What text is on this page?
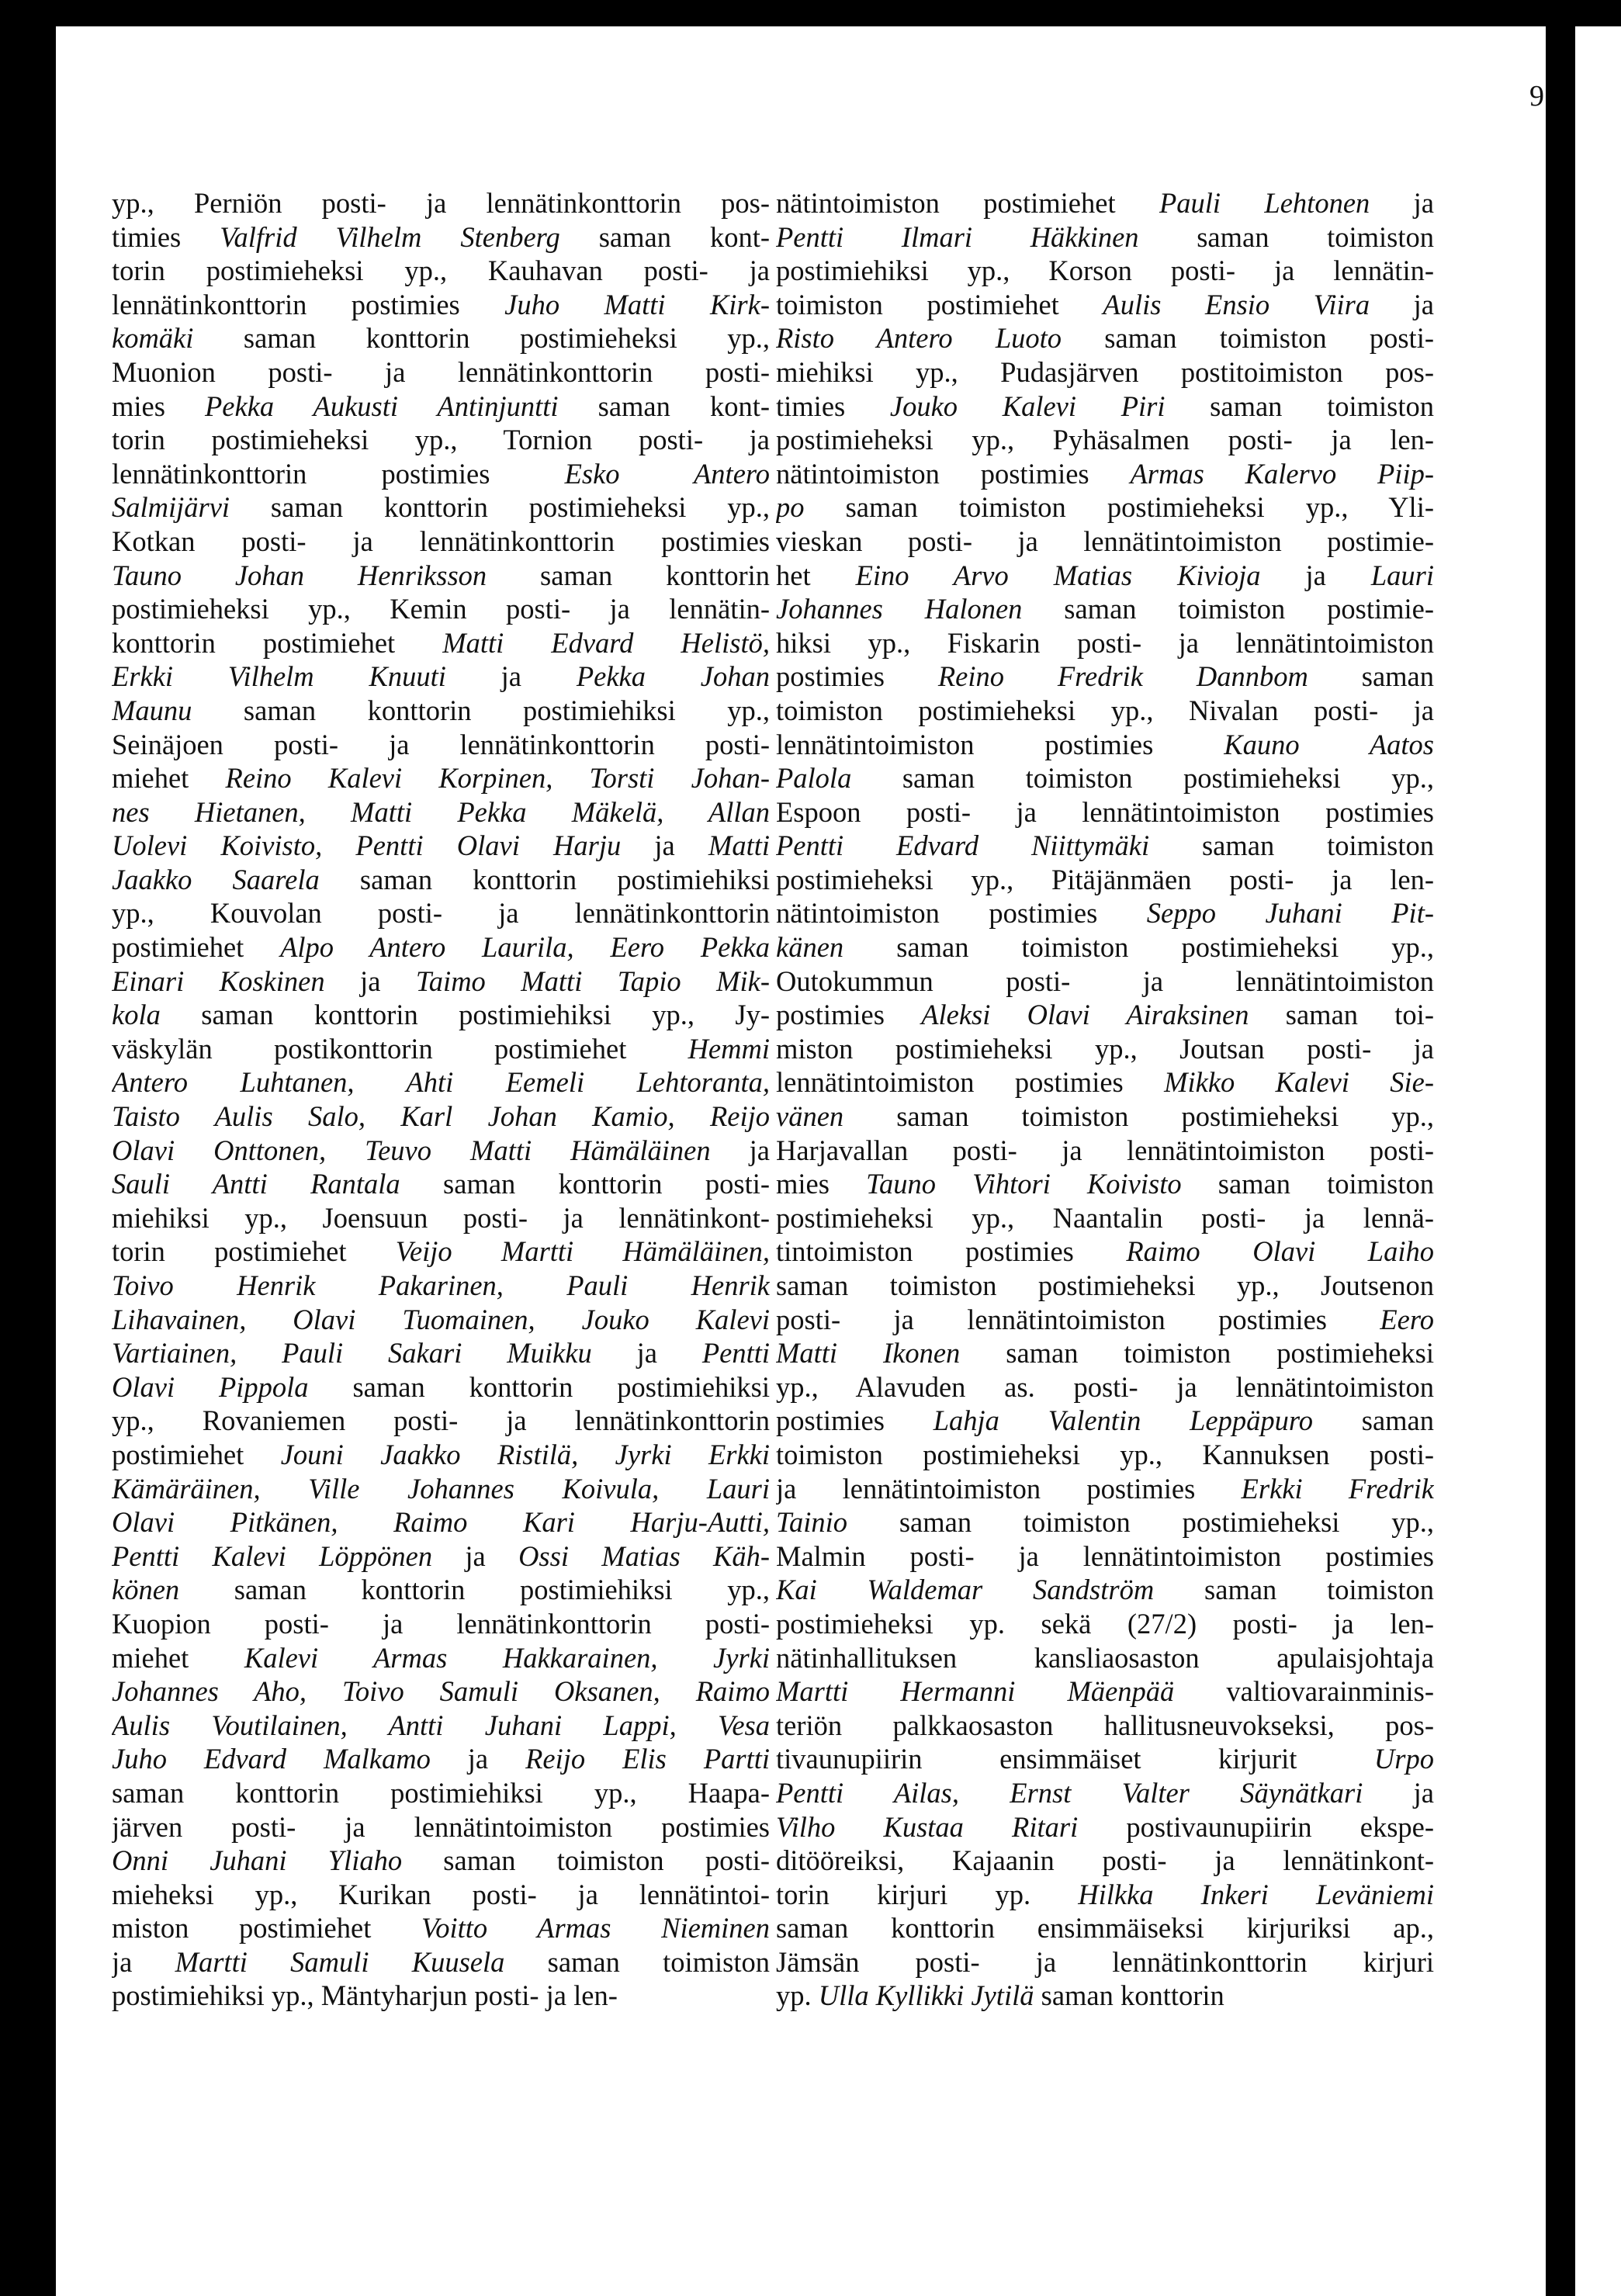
9
yp., Perniön posti- ja lennätinkonttorin pos-
timies Valfrid Vilhelm Stenberg saman kont-
torin postimieheksi yp., Kauhavan posti- ja
lennätinkonttorin postimies Juho Matti Kirk-
komäki saman konttorin postimieheksi yp.,
Muonion posti- ja lennätinkonttorin posti-
mies Pekka Aukusti Antinjuntti saman kont-
torin postimieheksi yp., Tornion posti- ja
lennätinkonttorin postimies Esko Antero
Salmijärvi saman konttorin postimieheksi yp.,
Kotkan posti- ja lennätinkonttorin postimies
Tauno Johan Henriksson saman konttorin
postimieheksi yp., Kemin posti- ja lennätin-
konttorin postimiehet Matti Edvard Helistö,
Erkki Vilhelm Knuuti ja Pekka Johan
Maunu saman konttorin postimiehiksi yp.,
Seinäjoen posti- ja lennätinkonttorin posti-
miehet Reino Kalevi Korpinen, Torsti Johan-
nes Hietanen, Matti Pekka Mäkelä, Allan
Uolevi Koivisto, Pentti Olavi Harju ja Matti
Jaakko Saarela saman konttorin postimiehiksi
yp., Kouvolan posti- ja lennätinkonttorin
postimiehet Alpo Antero Laurila, Eero Pekka
Einari Koskinen ja Taimo Matti Tapio Mik-
kola saman konttorin postimiehiksi yp., Jy-
väskylän postikonttorin postimiehet Hemmi
Antero Luhtanen, Ahti Eemeli Lehtoranta,
Taisto Aulis Salo, Karl Johan Kamio, Reijo
Olavi Onttonen, Teuvo Matti Hämäläinen ja
Sauli Antti Rantala saman konttorin posti-
miehiksi yp., Joensuun posti- ja lennätinkont-
torin postimiehet Veijo Martti Hämäläinen,
Toivo Henrik Pakarinen, Pauli Henrik
Lihavainen, Olavi Tuomainen, Jouko Kalevi
Vartiainen, Pauli Sakari Muikku ja Pentti
Olavi Pippola saman konttorin postimiehiksi
yp., Rovaniemen posti- ja lennätinkonttorin
postimiehet Jouni Jaakko Ristilä, Jyrki Erkki
Kämäräinen, Ville Johannes Koivula, Lauri
Olavi Pitkänen, Raimo Kari Harju-Autti,
Pentti Kalevi Löppönen ja Ossi Matias Käh-
könen saman konttorin postimiehiksi yp.,
Kuopion posti- ja lennätinkonttorin posti-
miehet Kalevi Armas Hakkarainen, Jyrki
Johannes Aho, Toivo Samuli Oksanen, Raimo
Aulis Voutilainen, Antti Juhani Lappi, Vesa
Juho Edvard Malkamo ja Reijo Elis Partti
saman konttorin postimiehiksi yp., Haapa-
järven posti- ja lennätintoimiston postimies
Onni Juhani Yliaho saman toimiston posti-
mieheksi yp., Kurikan posti- ja lennätintoi-
miston postimiehet Voitto Armas Nieminen
ja Martti Samuli Kuusela saman toimiston
postimiehiksi yp., Mäntyharjun posti- ja len-
nätintoimiston postimiehet Pauli Lehtonen ja
Pentti Ilmari Häkkinen saman toimiston
postimiehiksi yp., Korson posti- ja lennätin-
toimiston postimiehet Aulis Ensio Viira ja
Risto Antero Luoto saman toimiston posti-
miehiksi yp., Pudasjärven postitoimiston pos-
timies Jouko Kalevi Piri saman toimiston
postimieheksi yp., Pyhäsalmen posti- ja len-
nätintoimiston postimies Armas Kalervo Piip-
po saman toimiston postimieheksi yp., Yli-
vieskan posti- ja lennätintoimiston postimie-
het Eino Arvo Matias Kivioja ja Lauri
Johannes Halonen saman toimiston postimie-
hiksi yp., Fiskarin posti- ja lennätintoimiston
postimies Reino Fredrik Dannbom saman
toimiston postimieheksi yp., Nivalan posti- ja
lennätintoimiston postimies Kauno Aatos
Palola saman toimiston postimieheksi yp.,
Espoon posti- ja lennätintoimiston postimies
Pentti Edvard Niittymäki saman toimiston
postimieheksi yp., Pitäjänmäen posti- ja len-
nätintoimiston postimies Seppo Juhani Pit-
känen saman toimiston postimieheksi yp.,
Outokummun posti- ja lennätintoimiston
postimies Aleksi Olavi Airaksinen saman toi-
miston postimieheksi yp., Joutsan posti- ja
lennätintoimiston postimies Mikko Kalevi Sie-
vänen saman toimiston postimieheksi yp.,
Harjavallan posti- ja lennätintoimiston posti-
mies Tauno Vihtori Koivisto saman toimiston
postimieheksi yp., Naantalin posti- ja lennä-
tintoimiston postimies Raimo Olavi Laiho
saman toimiston postimieheksi yp., Joutsenon
posti- ja lennätintoimiston postimies Eero
Matti Ikonen saman toimiston postimieheksi
yp., Alavuden as. posti- ja lennätintoimiston
postimies Lahja Valentin Leppäpuro saman
toimiston postimieheksi yp., Kannuksen posti-
ja lennätintoimiston postimies Erkki Fredrik
Tainio saman toimiston postimieheksi yp.,
Malmin posti- ja lennätintoimiston postimies
Kai Waldemar Sandström saman toimiston
postimieheksi yp. sekä (27/2) posti- ja len-
nätinhallituksen kansliaosaston apulaisjohtaja
Martti Hermanni Mäenpää valtiovarainminis-
teriön palkkaosaston hallitusneuvokseksi, pos-
tivaunupiirin ensimmäiset kirjurit Urpo
Pentti Ailas, Ernst Valter Säynätkari ja
Vilho Kustaa Ritari postivaunupiirin ekspe-
ditööreiksi, Kajaanin posti- ja lennätinkont-
torin kirjuri yp. Hilkka Inkeri Leväniemi
saman konttorin ensimmäiseksi kirjuriksi ap.,
Jämsän posti- ja lennätinkonttorin kirjuri
yp. Ulla Kyllikki Jytilä saman konttorin
